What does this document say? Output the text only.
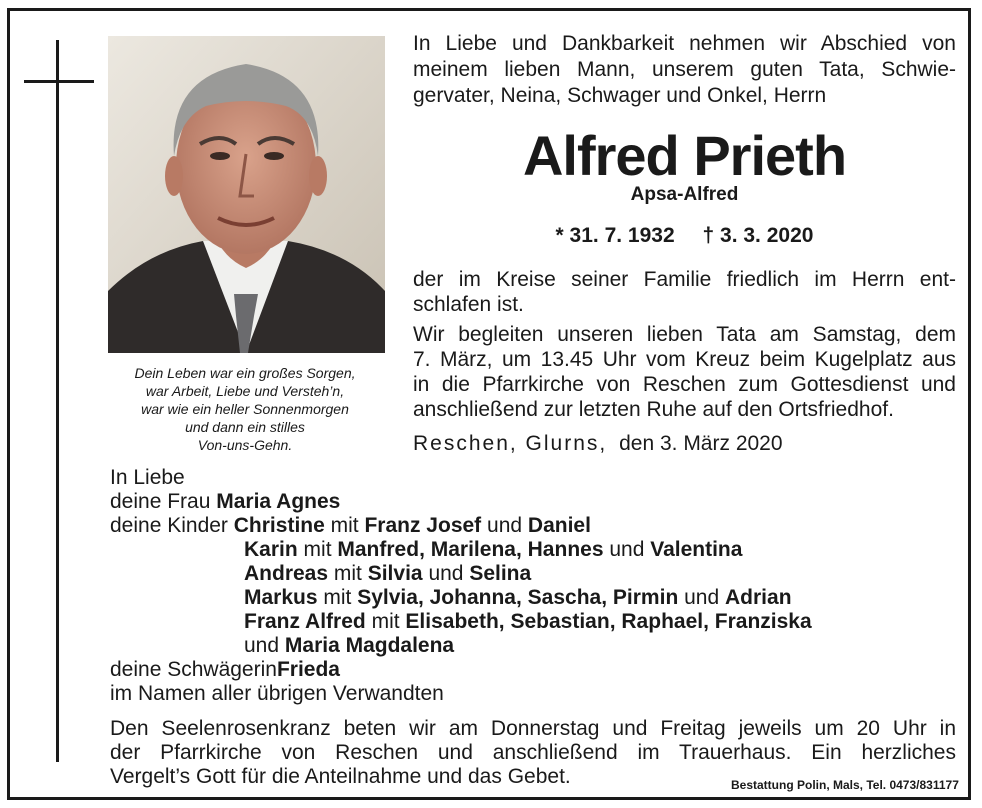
Dein Leben war ein großes Sorgen,
war Arbeit, Liebe und Versteh’n,
war wie ein heller Sonnenmorgen
und dann ein stilles
Von-uns-Gehn.
In Liebe und Dankbarkeit nehmen wir Abschied von
meinem lieben Mann, unserem guten Tata, Schwie-
gervater, Neina, Schwager und Onkel, Herrn
Alfred Prieth
Apsa-Alfred
* 31. 7. 1932 † 3. 3. 2020
der im Kreise seiner Familie friedlich im Herrn ent-
schlafen ist.
Wir begleiten unseren lieben Tata am Samstag, dem
7. März, um 13.45 Uhr vom Kreuz beim Kugelplatz aus
in die Pfarrkirche von Reschen zum Gottesdienst und
anschließend zur letzten Ruhe auf den Ortsfriedhof.
Reschen, Glurns, den 3. März 2020
In Liebe
deine Frau Maria Agnes
deine Kinder Christine mit Franz Josef und Daniel
Karin mit Manfred, Marilena, Hannes und Valentina
Andreas mit Silvia und Selina
Markus mit Sylvia, Johanna, Sascha, Pirmin und Adrian
Franz Alfred mit Elisabeth, Sebastian, Raphael, Franziska
und Maria Magdalena
deine SchwägerinFrieda
im Namen aller übrigen Verwandten
Den Seelenrosenkranz beten wir am Donnerstag und Freitag jeweils um 20 Uhr in
der Pfarrkirche von Reschen und anschließend im Trauerhaus. Ein herzliches
Vergelt’s Gott für die Anteilnahme und das Gebet.	Bestattung Polin, Mals, Tel. 0473/831177
